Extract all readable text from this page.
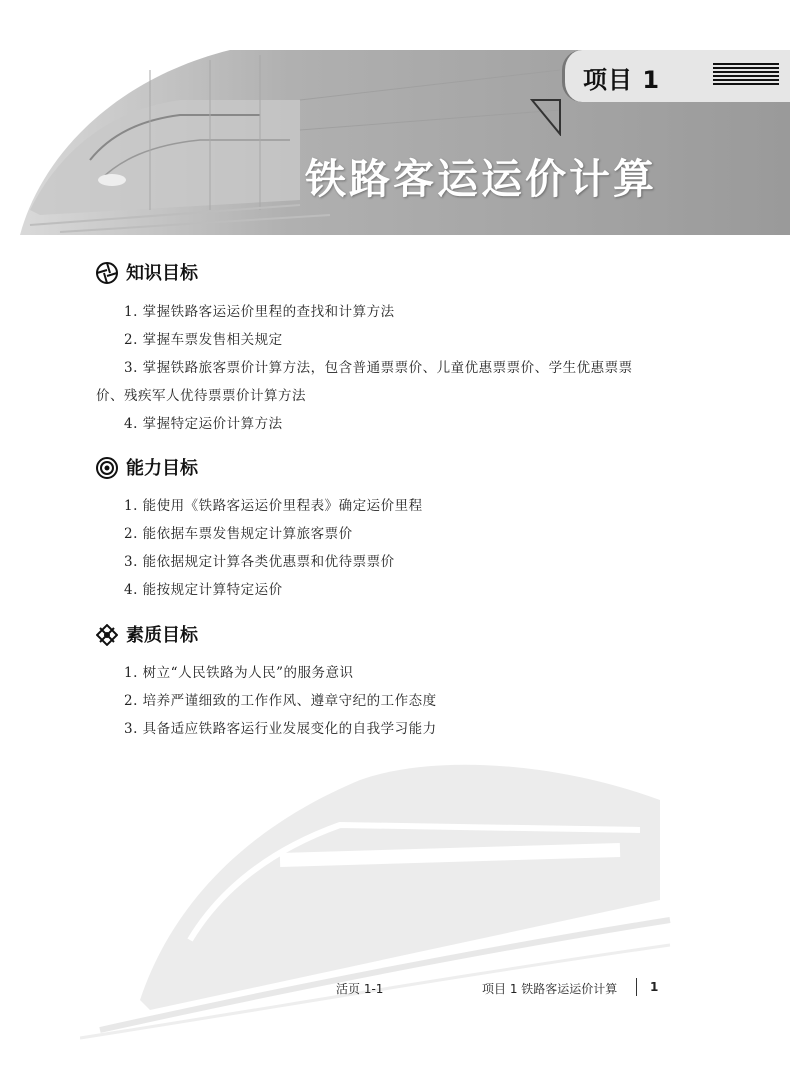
项目 1
铁路客运运价计算
知识目标
1. 掌握铁路客运运价里程的查找和计算方法
2. 掌握车票发售相关规定
3. 掌握铁路旅客票价计算方法，包含普通票票价、儿童优惠票票价、学生优惠票票价、残疾军人优待票票价计算方法
4. 掌握特定运价计算方法
能力目标
1. 能使用《铁路客运运价里程表》确定运价里程
2. 能依据车票发售规定计算旅客票价
3. 能依据规定计算各类优惠票和优待票票价
4. 能按规定计算特定运价
素质目标
1. 树立“人民铁路为人民”的服务意识
2. 培养严谨细致的工作作风、遵章守纪的工作态度
3. 具备适应铁路客运行业发展变化的自我学习能力
活页 1-1	项目 1 铁路客运运价计算	1
